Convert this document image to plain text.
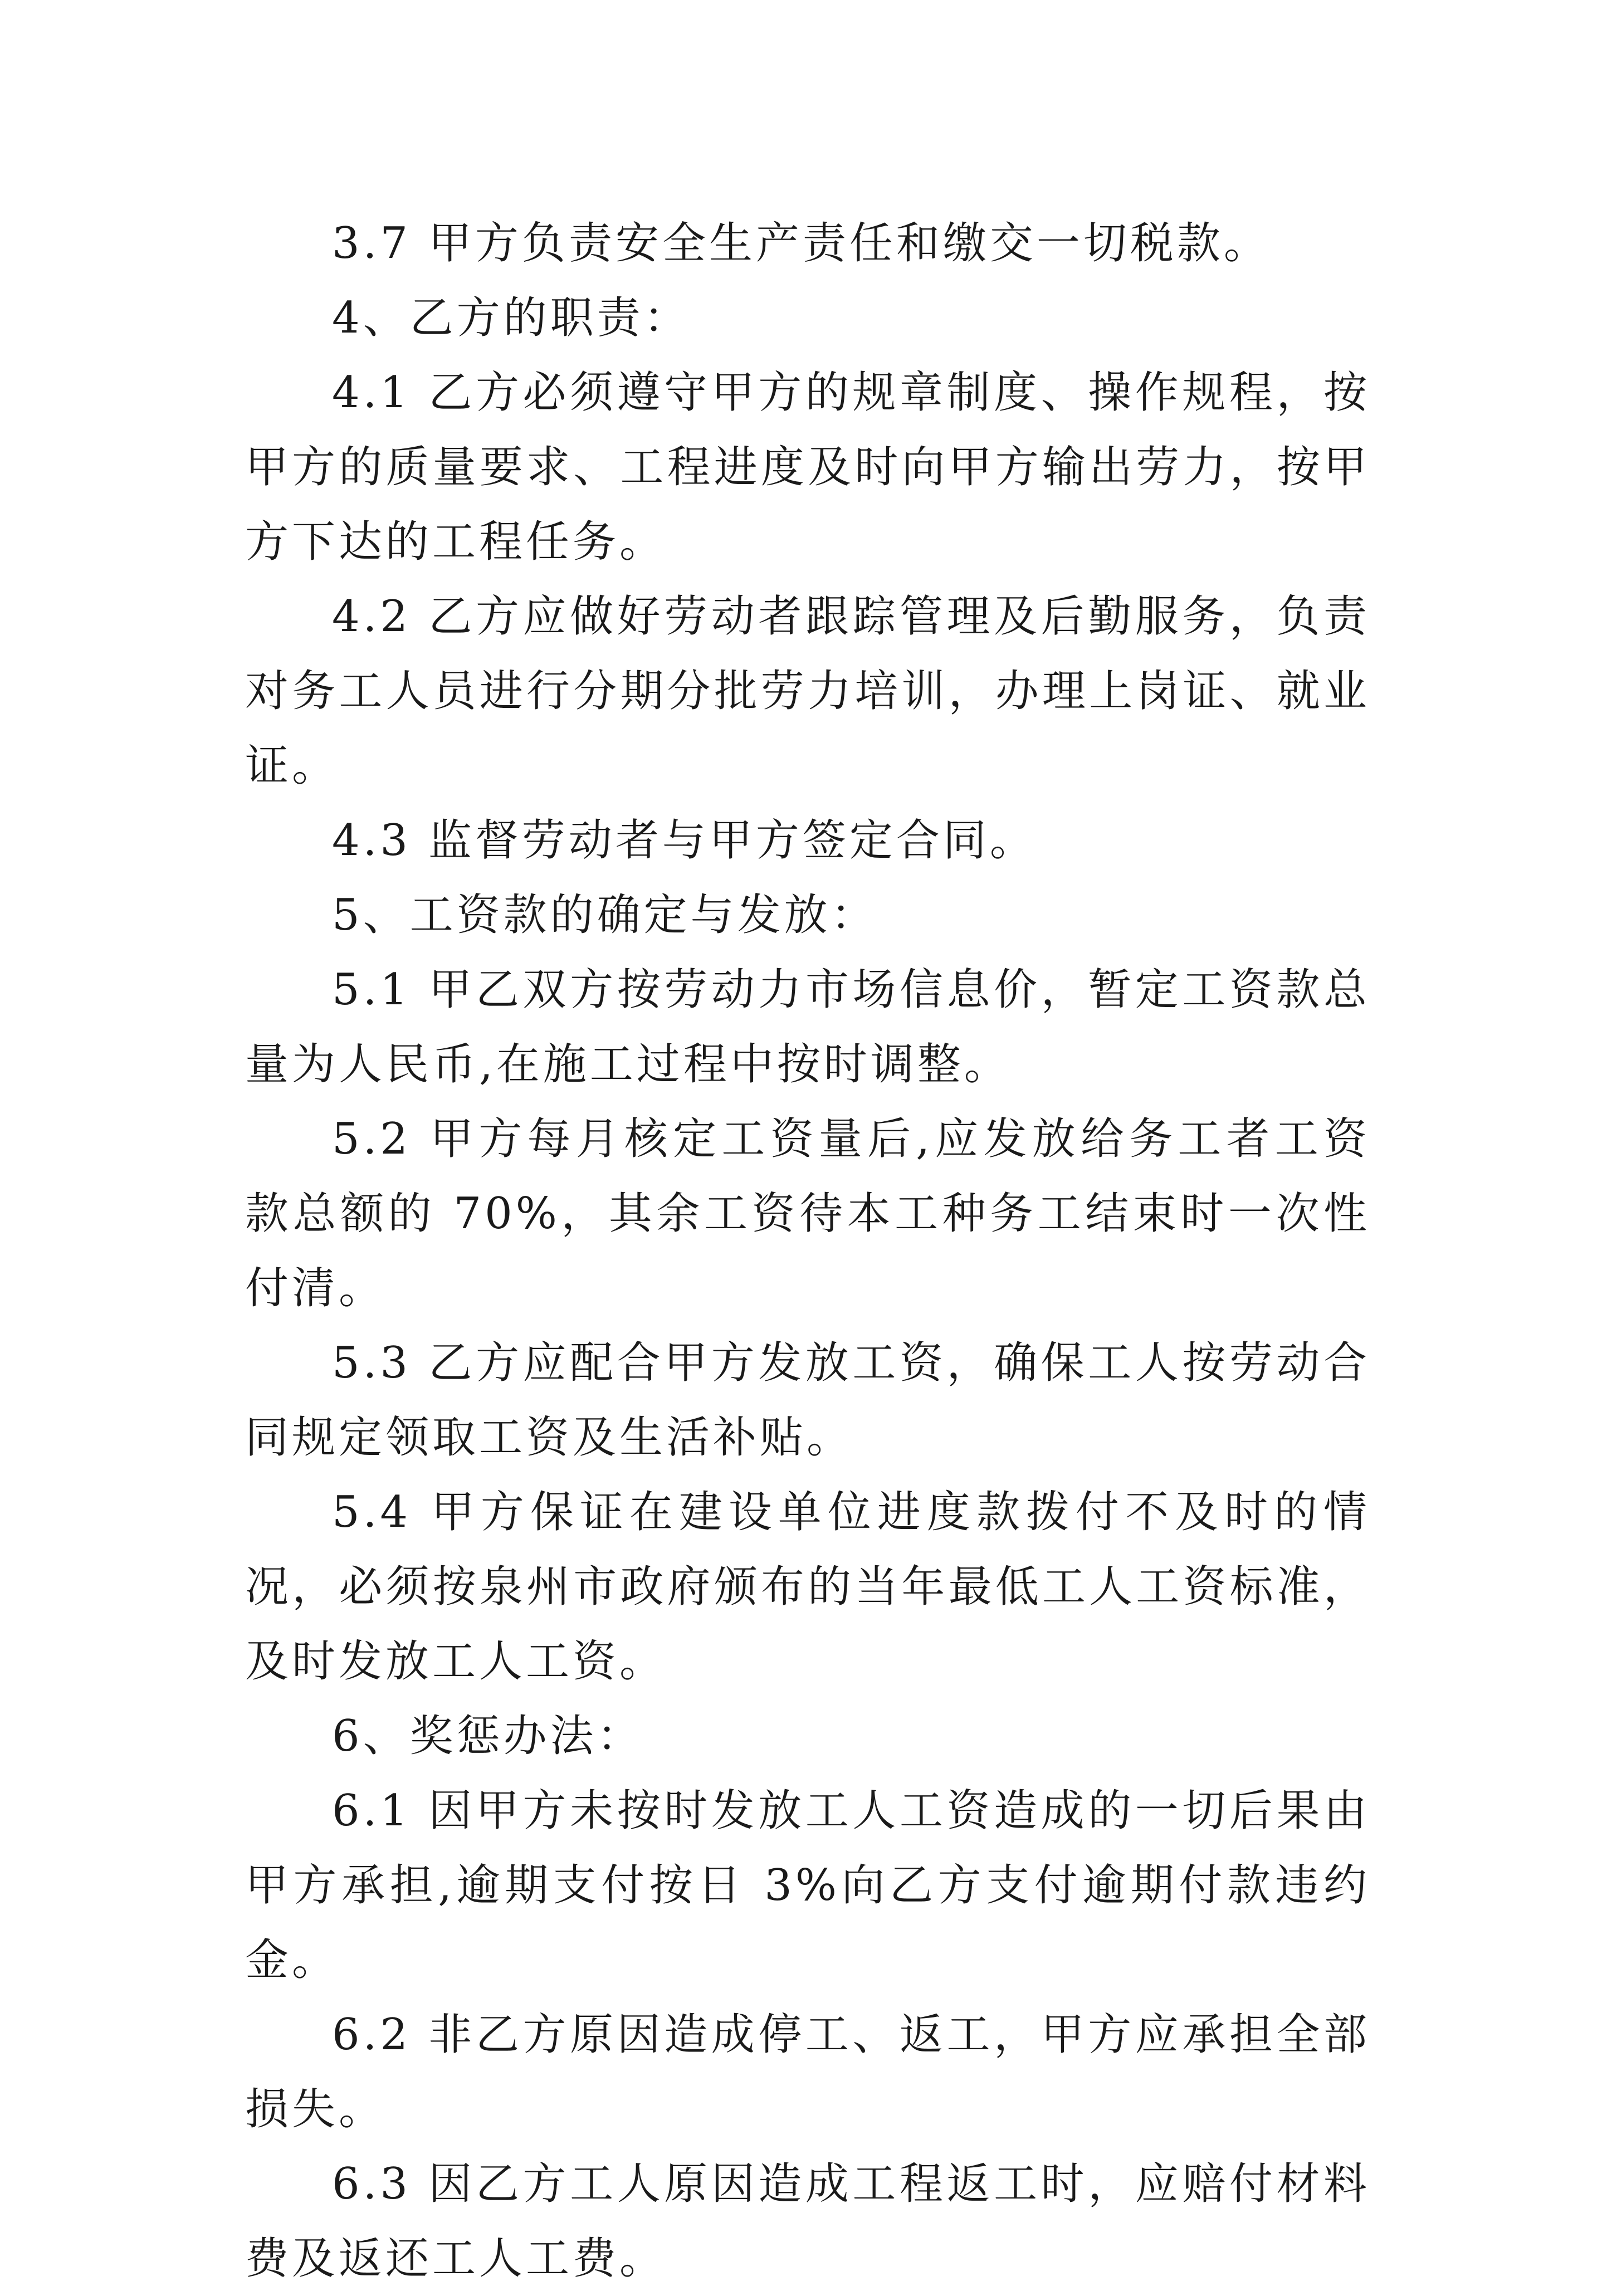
3.7 甲方负责安全生产责任和缴交一切税款。

4、乙方的职责：

4.1 乙方必须遵守甲方的规章制度、操作规程，按甲方的质量要求、工程进度及时向甲方输出劳力，按甲方下达的工程任务。

4.2 乙方应做好劳动者跟踪管理及后勤服务，负责对务工人员进行分期分批劳力培训，办理上岗证、就业证。

4.3 监督劳动者与甲方签定合同。

5、工资款的确定与发放：

5.1 甲乙双方按劳动力市场信息价，暂定工资款总量为人民币,在施工过程中按时调整。

5.2 甲方每月核定工资量后,应发放给务工者工资款总额的 70%，其余工资待本工种务工结束时一次性付清。

5.3 乙方应配合甲方发放工资，确保工人按劳动合同规定领取工资及生活补贴。

5.4 甲方保证在建设单位进度款拨付不及时的情况，必须按泉州市政府颁布的当年最低工人工资标准，及时发放工人工资。

6、奖惩办法：

6.1 因甲方未按时发放工人工资造成的一切后果由甲方承担,逾期支付按日 3%向乙方支付逾期付款违约金。

6.2 非乙方原因造成停工、返工，甲方应承担全部损失。

6.3 因乙方工人原因造成工程返工时，应赔付材料费及返还工人工费。
